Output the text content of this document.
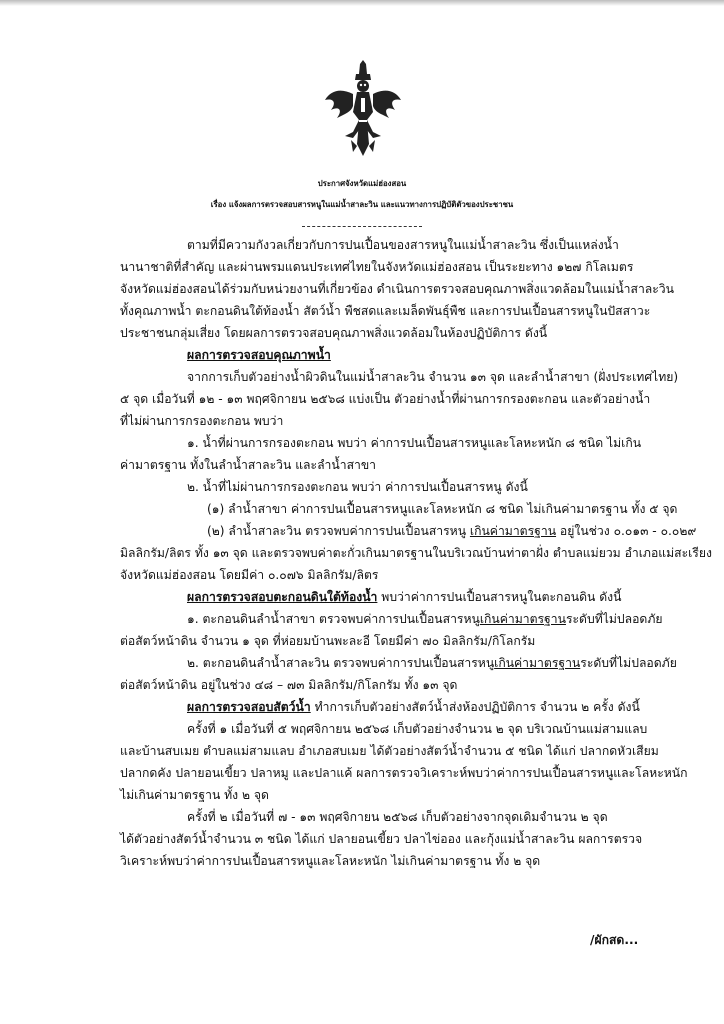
ประกาศจังหวัดแม่ฮ่องสอน
เรื่อง แจ้งผลการตรวจสอบสารหนูในแม่น้ำสาละวิน และแนวทางการปฏิบัติตัวของประชาชน
ตามที่มีความกังวลเกี่ยวกับการปนเปื้อนของสารหนูในแม่น้ำสาละวิน ซึ่งเป็นแหล่งน้ำ
นานาชาติที่สำคัญ และผ่านพรมแดนประเทศไทยในจังหวัดแม่ฮ่องสอน เป็นระยะทาง ๑๒๗ กิโลเมตร
จังหวัดแม่ฮ่องสอนได้ร่วมกับหน่วยงานที่เกี่ยวข้อง ดำเนินการตรวจสอบคุณภาพสิ่งแวดล้อมในแม่น้ำสาละวิน
ทั้งคุณภาพน้ำ ตะกอนดินใต้ท้องน้ำ สัตว์น้ำ พืชสดและเมล็ดพันธุ์พืช และการปนเปื้อนสารหนูในปัสสาวะ
ประชาชนกลุ่มเสี่ยง โดยผลการตรวจสอบคุณภาพสิ่งแวดล้อมในห้องปฏิบัติการ ดังนี้
ผลการตรวจสอบคุณภาพน้ำ
จากการเก็บตัวอย่างน้ำผิวดินในแม่น้ำสาละวิน จำนวน ๑๓ จุด และลำน้ำสาขา (ฝั่งประเทศไทย)
๕ จุด เมื่อวันที่ ๑๒ - ๑๓ พฤศจิกายน ๒๕๖๘ แบ่งเป็น ตัวอย่างน้ำที่ผ่านการกรองตะกอน และตัวอย่างน้ำ
ที่ไม่ผ่านการกรองตะกอน พบว่า
๑. น้ำที่ผ่านการกรองตะกอน พบว่า ค่าการปนเปื้อนสารหนูและโลหะหนัก ๘ ชนิด ไม่เกิน
ค่ามาตรฐาน ทั้งในลำน้ำสาละวิน และลำน้ำสาขา
๒. น้ำที่ไม่ผ่านการกรองตะกอน พบว่า ค่าการปนเปื้อนสารหนู ดังนี้
(๑) ลำน้ำสาขา ค่าการปนเปื้อนสารหนูและโลหะหนัก ๘ ชนิด ไม่เกินค่ามาตรฐาน ทั้ง ๕ จุด
(๒) ลำน้ำสาละวิน ตรวจพบค่าการปนเปื้อนสารหนู เกินค่ามาตรฐาน อยู่ในช่วง ๐.๐๑๓ - ๐.๐๒๙
มิลลิกรัม/ลิตร ทั้ง ๑๓ จุด และตรวจพบค่าตะกั่วเกินมาตรฐานในบริเวณบ้านท่าตาฝั่ง ตำบลแม่ยวม อำเภอแม่สะเรียง
จังหวัดแม่ฮ่องสอน โดยมีค่า ๐.๐๗๖ มิลลิกรัม/ลิตร
ผลการตรวจสอบตะกอนดินใต้ท้องน้ำ พบว่าค่าการปนเปื้อนสารหนูในตะกอนดิน ดังนี้
๑. ตะกอนดินลำน้ำสาขา ตรวจพบค่าการปนเปื้อนสารหนูเกินค่ามาตรฐานระดับที่ไม่ปลอดภัย
ต่อสัตว์หน้าดิน จำนวน ๑ จุด ที่ห่อยมบ้านพะละอี โดยมีค่า ๗๐ มิลลิกรัม/กิโลกรัม
๒. ตะกอนดินลำน้ำสาละวิน ตรวจพบค่าการปนเปื้อนสารหนูเกินค่ามาตรฐานระดับที่ไม่ปลอดภัย
ต่อสัตว์หน้าดิน อยู่ในช่วง ๔๘ – ๗๓ มิลลิกรัม/กิโลกรัม ทั้ง ๑๓ จุด
ผลการตรวจสอบสัตว์น้ำ ทำการเก็บตัวอย่างสัตว์น้ำส่งห้องปฏิบัติการ จำนวน ๒ ครั้ง ดังนี้
ครั้งที่ ๑ เมื่อวันที่ ๕ พฤศจิกายน ๒๕๖๘ เก็บตัวอย่างจำนวน ๒ จุด บริเวณบ้านแม่สามแลบ
และบ้านสบเมย ตำบลแม่สามแลบ อำเภอสบเมย ได้ตัวอย่างสัตว์น้ำจำนวน ๕ ชนิด ได้แก่ ปลากดหัวเสียม
ปลากดคัง ปลายอนเขี้ยว ปลาหมู และปลาแค้ ผลการตรวจวิเคราะห์พบว่าค่าการปนเปื้อนสารหนูและโลหะหนัก
ไม่เกินค่ามาตรฐาน ทั้ง ๒ จุด
ครั้งที่ ๒ เมื่อวันที่ ๗ - ๑๓ พฤศจิกายน ๒๕๖๘ เก็บตัวอย่างจากจุดเดิมจำนวน ๒ จุด
ได้ตัวอย่างสัตว์น้ำจำนวน ๓ ชนิด ได้แก่ ปลายอนเขี้ยว ปลาไข่ออง และกุ้งแม่น้ำสาละวิน ผลการตรวจ
วิเคราะห์พบว่าค่าการปนเปื้อนสารหนูและโลหะหนัก ไม่เกินค่ามาตรฐาน ทั้ง ๒ จุด
/ผักสด...
